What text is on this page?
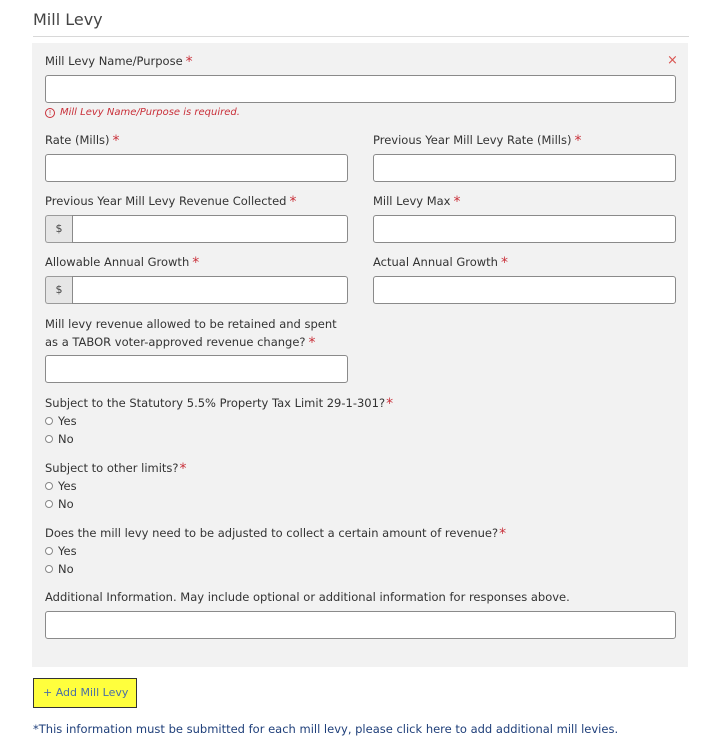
Mill Levy
×
Mill Levy Name/Purpose *
! Mill Levy Name/Purpose is required.
Rate (Mills) *	Previous Year Mill Levy Rate (Mills) *
Previous Year Mill Levy Revenue Collected *
$
Mill Levy Max *
Allowable Annual Growth *
$
Actual Annual Growth *
Mill levy revenue allowed to be retained and spent
as a TABOR voter-approved revenue change? *
Subject to the Statutory 5.5% Property Tax Limit 29-1-301?*
Yes
No
Subject to other limits?*
Yes
No
Does the mill levy need to be adjusted to collect a certain amount of revenue?*
Yes
No
Additional Information. May include optional or additional information for responses above.
+ Add Mill Levy
*This information must be submitted for each mill levy, please click here to add additional mill levies.
